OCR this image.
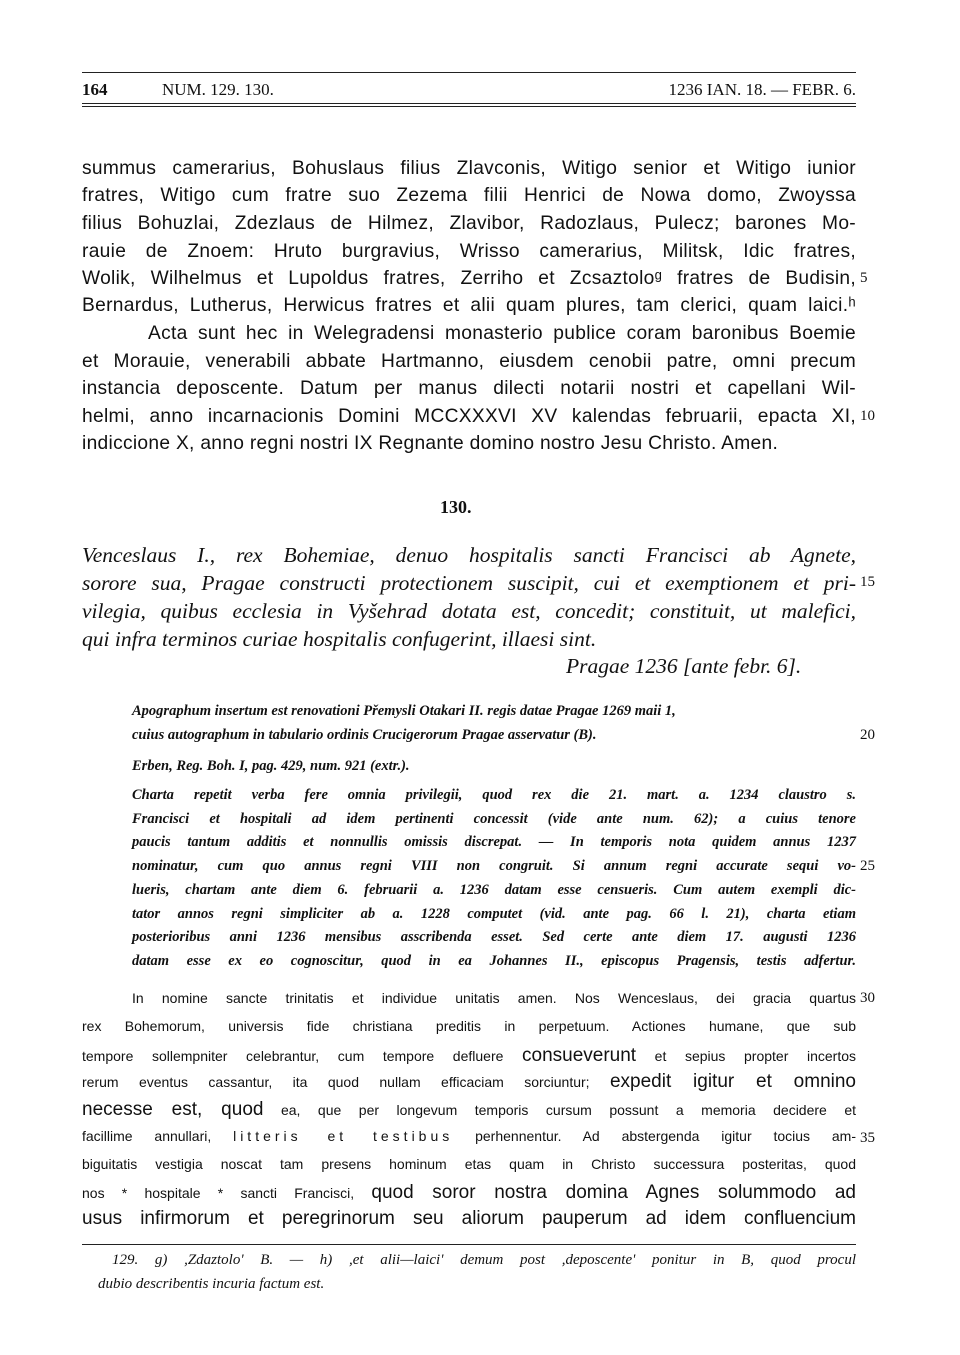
164	NUM. 129. 130.	1236 IAN. 18. — FEBR. 6.
summus camerarius, Bohuslaus filius Zlavconis, Witigo senior et Witigo iunior
fratres, Witigo cum fratre suo Zezema filii Henrici de Nowa domo, Zwoyssa
filius Bohuzlai, Zdezlaus de Hilmez, Zlavibor, Radozlaus, Pulecz; barones Mo-
rauie de Znoem: Hruto burgravius, Wrisso camerarius, Militsk, Idic fratres,
Wolik, Wilhelmus et Lupoldus fratres, Zerriho et Zcsaztoloᵍ fratres de Budisin,
Bernardus, Lutherus, Herwicus fratres et alii quam plures, tam clerici, quam laici.ʰ
Acta sunt hec in Welegradensi monasterio publice coram baronibus Boemie
et Morauie, venerabili abbate Hartmanno, eiusdem cenobii patre, omni precum
instancia deposcente. Datum per manus dilecti notarii nostri et capellani Wil-
helmi, anno incarnacionis Domini MCCXXXVI XV kalendas februarii, epacta XI,
indiccione X, anno regni nostri IX Regnante domino nostro Jesu Christo. Amen.
130.
Venceslaus I., rex Bohemiae, denuo hospitalis sancti Francisci ab Agnete,
sorore sua, Pragae constructi protectionem suscipit, cui et exemptionem et pri-
vilegia, quibus ecclesia in Vyšehrad dotata est, concedit; constituit, ut malefici,
qui infra terminos curiae hospitalis confugerint, illaesi sint.
Pragae 1236 [ante febr. 6].
Apographum insertum est renovationi Přemysli Otakari II. regis datae Pragae 1269 maii 1,
cuius autographum in tabulario ordinis Crucigerorum Pragae asservatur (B).
Erben, Reg. Boh. I, pag. 429, num. 921 (extr.).
Charta repetit verba fere omnia privilegii, quod rex die 21. mart. a. 1234 claustro s.
Francisci et hospitali ad idem pertinenti concessit (vide ante num. 62); a cuius tenore
paucis tantum additis et nonnullis omissis discrepat. — In temporis nota quidem annus 1237
nominatur, cum quo annus regni VIII non congruit. Si annum regni accurate sequi vo-
lueris, chartam ante diem 6. februarii a. 1236 datam esse censueris. Cum autem exempli dic-
tator annos regni simpliciter ab a. 1228 computet (vid. ante pag. 66 l. 21), charta etiam
posterioribus anni 1236 mensibus asscribenda esset. Sed certe ante diem 17. augusti 1236
datam esse ex eo cognoscitur, quod in ea Johannes II., episcopus Pragensis, testis adfertur.
In nomine sancte trinitatis et individue unitatis amen. Nos Wenceslaus, dei gracia quartus
rex Bohemorum, universis fide christiana preditis in perpetuum. Actiones humane, que sub
tempore sollempniter celebrantur, cum tempore defluere consueverunt et sepius propter incertos
rerum eventus cassantur, ita quod nullam efficaciam sorciuntur; expedit igitur et omnino
necesse est, quod ea, que per longevum temporis cursum possunt a memoria decidere et
facillime annullari, litteris et testibus perhennentur. Ad abstergenda igitur tocius am-
biguitatis vestigia noscat tam presens hominum etas quam in Christo successura posteritas, quod
nos * hospitale * sancti Francisci, quod soror nostra domina Agnes solummodo ad
usus infirmorum et peregrinorum seu aliorum pauperum ad idem confluencium
129. g) ,Zdaztolo' B. — h) ,et alii—laici' demum post ,deposcente' ponitur in B, quod procul
dubio describentis incuria factum est.
5
10
15
20
25
30
35
